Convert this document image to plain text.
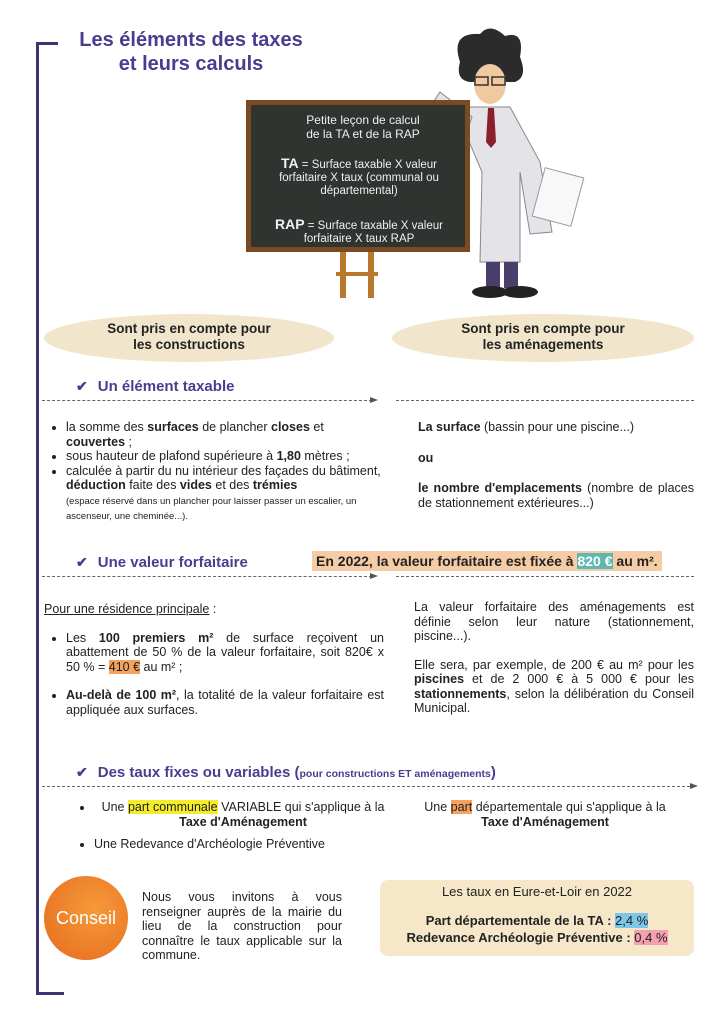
Les éléments des taxes
et leurs calculs

Petite leçon de calcul

de la TA et de la RAP

TA = Surface taxable X valeur forfaitaire X taux (communal ou départemental)

RAP = Surface taxable X valeur forfaitaire X taux RAP

Sont pris en compte pour
les constructions
Sont pris en compte pour
les aménagements
✔ Un élément taxable
• la somme des surfaces de plancher closes et couvertes ;
• sous hauteur de plafond supérieure à 1,80 mètres ;
• calculée à partir du nu intérieur des façades du bâtiment, déduction faite des vides et des trémies
(espace réservé dans un plancher pour laisser passer un escalier, un ascenseur, une cheminée...).
La surface (bassin pour une piscine...)
ou
le nombre d'emplacements (nombre de places de stationnement extérieures...)
✔ Une valeur forfaitaire	En 2022, la valeur forfaitaire est fixée à 820 € au m².
Pour une résidence principale :
• Les 100 premiers m² de surface reçoivent un abattement de 50 % de la valeur forfaitaire, soit 820€ x 50 % = 410 € au m² ;
• Au-delà de 100 m², la totalité de la valeur forfaitaire est appliquée aux surfaces.
La valeur forfaitaire des aménagements est définie selon leur nature (stationnement, piscine...).
Elle sera, par exemple, de 200 € au m² pour les piscines et de 2 000 € à 5 000 € pour les stationnements, selon la délibération du Conseil Municipal.
✔ Des taux fixes ou variables (pour constructions ET aménagements)
• Une part communale VARIABLE qui s'applique à la Taxe d'Aménagement
• Une Redevance d'Archéologie Préventive
Une part départementale qui s'applique à la
Taxe d'Aménagement
Conseil
Nous vous invitons à vous renseigner auprès de la mairie du lieu de la construction pour connaître le taux applicable sur la commune.
Les taux en Eure-et-Loir en 2022
Part départementale de la TA : 2,4 %
Redevance Archéologie Préventive : 0,4 %
